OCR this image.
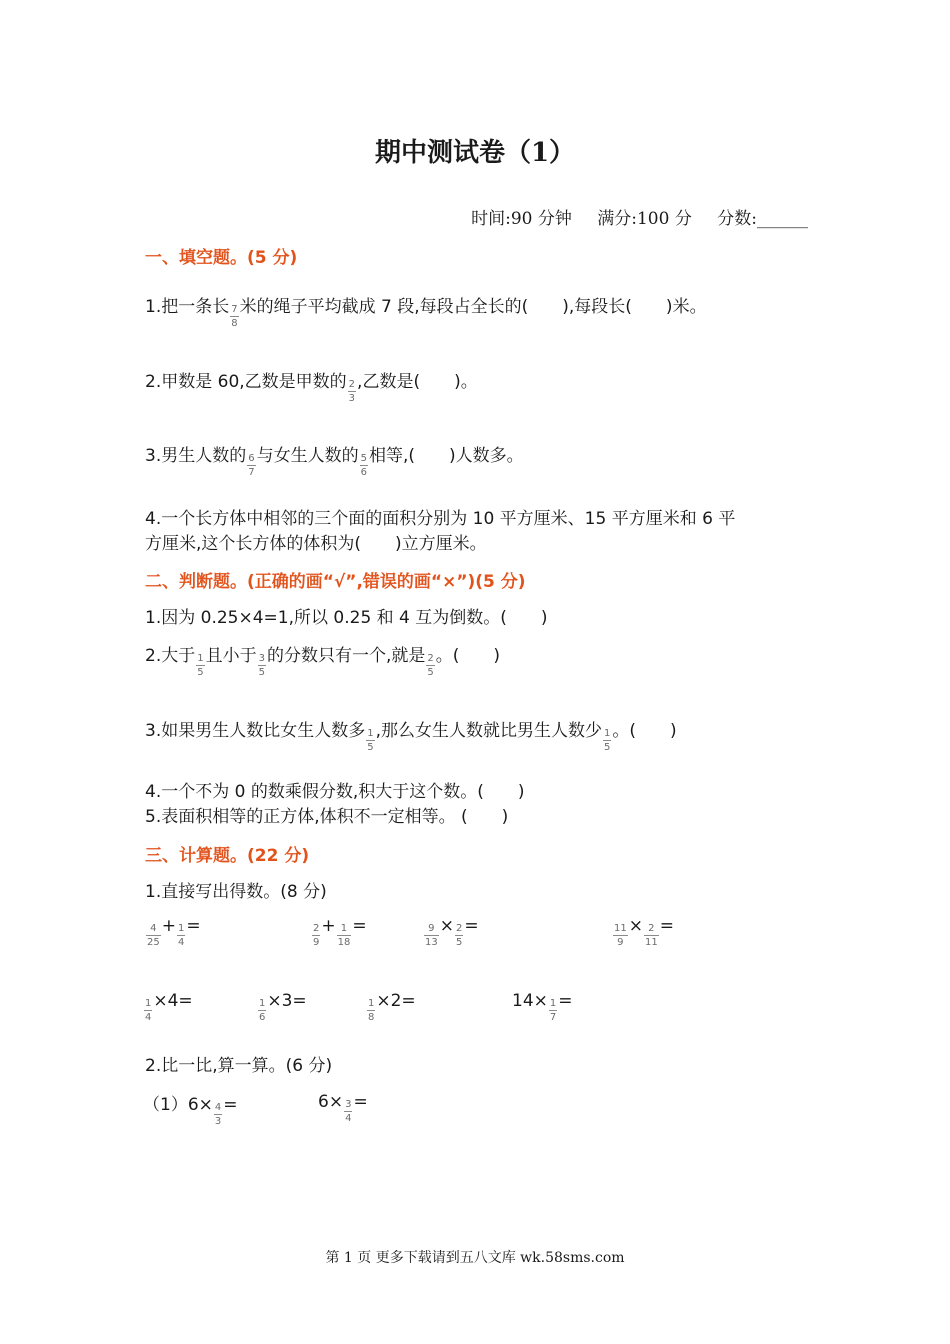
期中测试卷（1）
时间:90 分钟 满分:100 分 分数:______
一、填空题。(5 分)
1.把一条长 $\frac{7}{8}$ 米的绳子平均截成 7 段,每段占全长的(　　),每段长(　　)米。
2.甲数是 60,乙数是甲数的 $\frac{2}{3}$ ,乙数是(　　)。
3.男生人数的 $\frac{6}{7}$ 与女生人数的 $\frac{5}{6}$ 相等,(　　)人数多。
4.一个长方体中相邻的三个面的面积分别为 10 平方厘米、15 平方厘米和 6 平
方厘米,这个长方体的体积为(　　)立方厘米。
二、判断题。(正确的画“√”,错误的画“×”)(5 分)
1.因为 0.25×4=1,所以 0.25 和 4 互为倒数。(　　)
2.大于 $\frac{1}{5}$ 且小于 $\frac{3}{5}$ 的分数只有一个,就是 $\frac{2}{5}$ 。(　　)
3.如果男生人数比女生人数多 $\frac{1}{5}$ ,那么女生人数就比男生人数少 $\frac{1}{5}$ 。(　　)
4.一个不为 0 的数乘假分数,积大于这个数。(　　)
5.表面积相等的正方体,体积不一定相等。 (　　)
三、计算题。(22 分)
1.直接写出得数。(8 分)
$\frac{4}{25} + \frac{1}{4}$ =	$\frac{2}{9} + \frac{1}{18}$ =	$\frac{9}{13} \times \frac{2}{5}$ =	$\frac{11}{9} \times \frac{2}{11}$ =
$\frac{1}{4} \times 4=$	$\frac{1}{6} \times 3=$	$\frac{1}{8} \times 2=$	$14\times \frac{1}{7}$ =
2.比一比,算一算。(6 分)
$(1)6\times \frac{4}{3}$ =	$6\times \frac{3}{4}$ =
第 1 页 更多下载请到五八文库 wk.58sms.com
